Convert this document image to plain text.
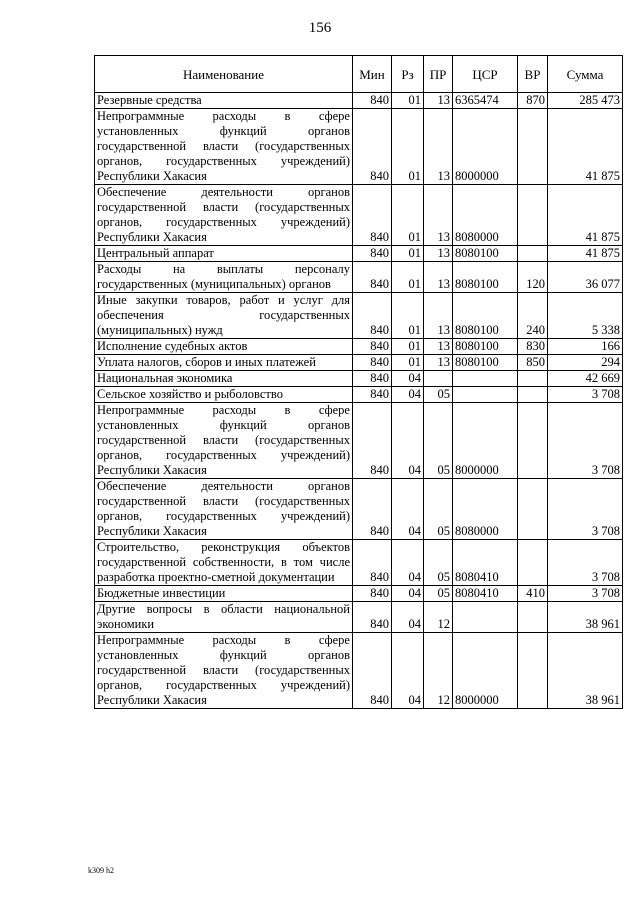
156
Наименование	Мин	Рз	ПР	ЦСР	ВР	Сумма
Резервные средства	840	01	13	6365474	870	285 473
Непрограммные расходы в сфере установленных функций органов государственной власти (государственных органов, государственных учреждений) Республики Хакасия	840	01	13	8000000		41 875
Обеспечение деятельности органов государственной власти (государственных органов, государственных учреждений) Республики Хакасия	840	01	13	8080000		41 875
Центральный аппарат	840	01	13	8080100		41 875
Расходы на выплаты персоналу государственных (муниципальных) органов	840	01	13	8080100	120	36 077
Иные закупки товаров, работ и услуг для обеспечения государственных (муниципальных) нужд	840	01	13	8080100	240	5 338
Исполнение судебных актов	840	01	13	8080100	830	166
Уплата налогов, сборов и иных платежей	840	01	13	8080100	850	294
Национальная экономика	840	04				42 669
Сельское хозяйство и рыболовство	840	04	05			3 708
Непрограммные расходы в сфере установленных функций органов государственной власти (государственных органов, государственных учреждений) Республики Хакасия	840	04	05	8000000		3 708
Обеспечение деятельности органов государственной власти (государственных органов, государственных учреждений) Республики Хакасия	840	04	05	8080000		3 708
Строительство, реконструкция объектов государственной собственности, в том числе разработка проектно-сметной документации	840	04	05	8080410		3 708
Бюджетные инвестиции	840	04	05	8080410	410	3 708
Другие вопросы в области национальной экономики	840	04	12			38 961
Непрограммные расходы в сфере установленных функций органов государственной власти (государственных органов, государственных учреждений) Республики Хакасия	840	04	12	8000000		38 961
k309 h2
